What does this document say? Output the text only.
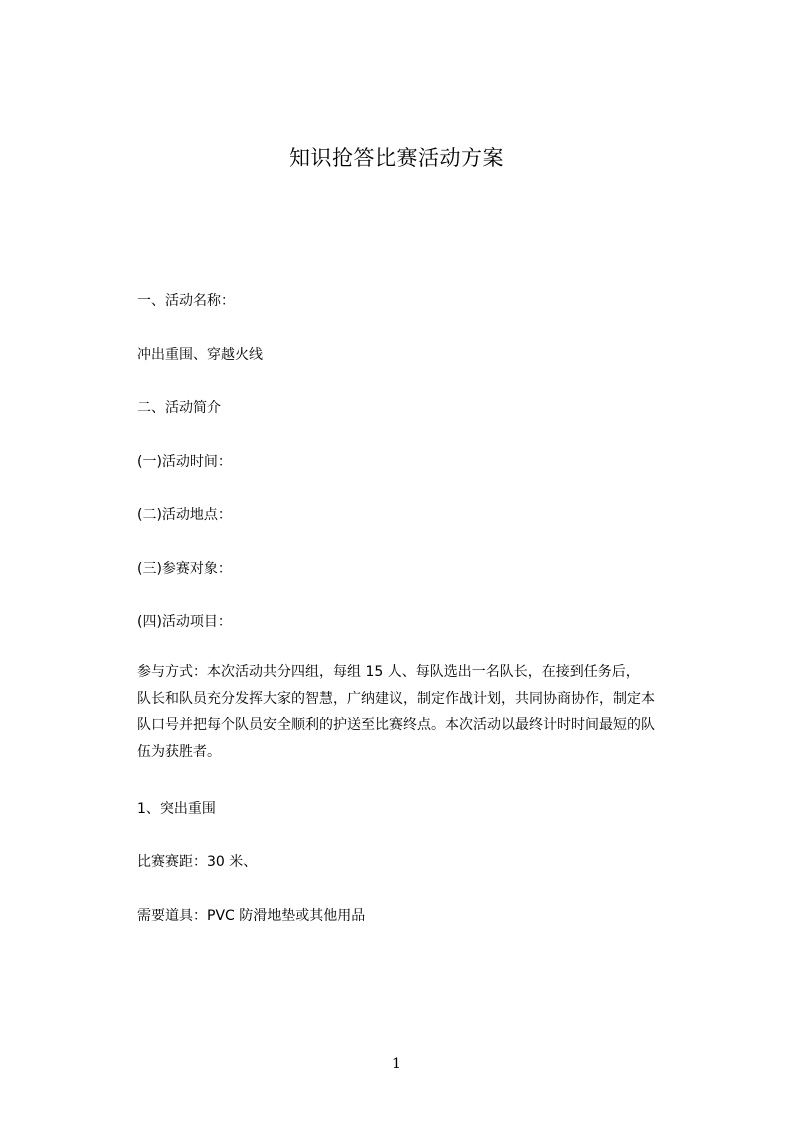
知识抢答比赛活动方案
一、活动名称：
冲出重围、穿越火线
二、活动简介
(一)活动时间：
(二)活动地点：
(三)参赛对象：
(四)活动项目：
参与方式：本次活动共分四组，每组 15 人、每队选出一名队长，在接到任务后，
队长和队员充分发挥大家的智慧，广纳建议，制定作战计划，共同协商协作，制定本
队口号并把每个队员安全顺利的护送至比赛终点。本次活动以最终计时时间最短的队
伍为获胜者。
1、突出重围
比赛赛距：30 米、
需要道具：PVC 防滑地垫或其他用品
1
